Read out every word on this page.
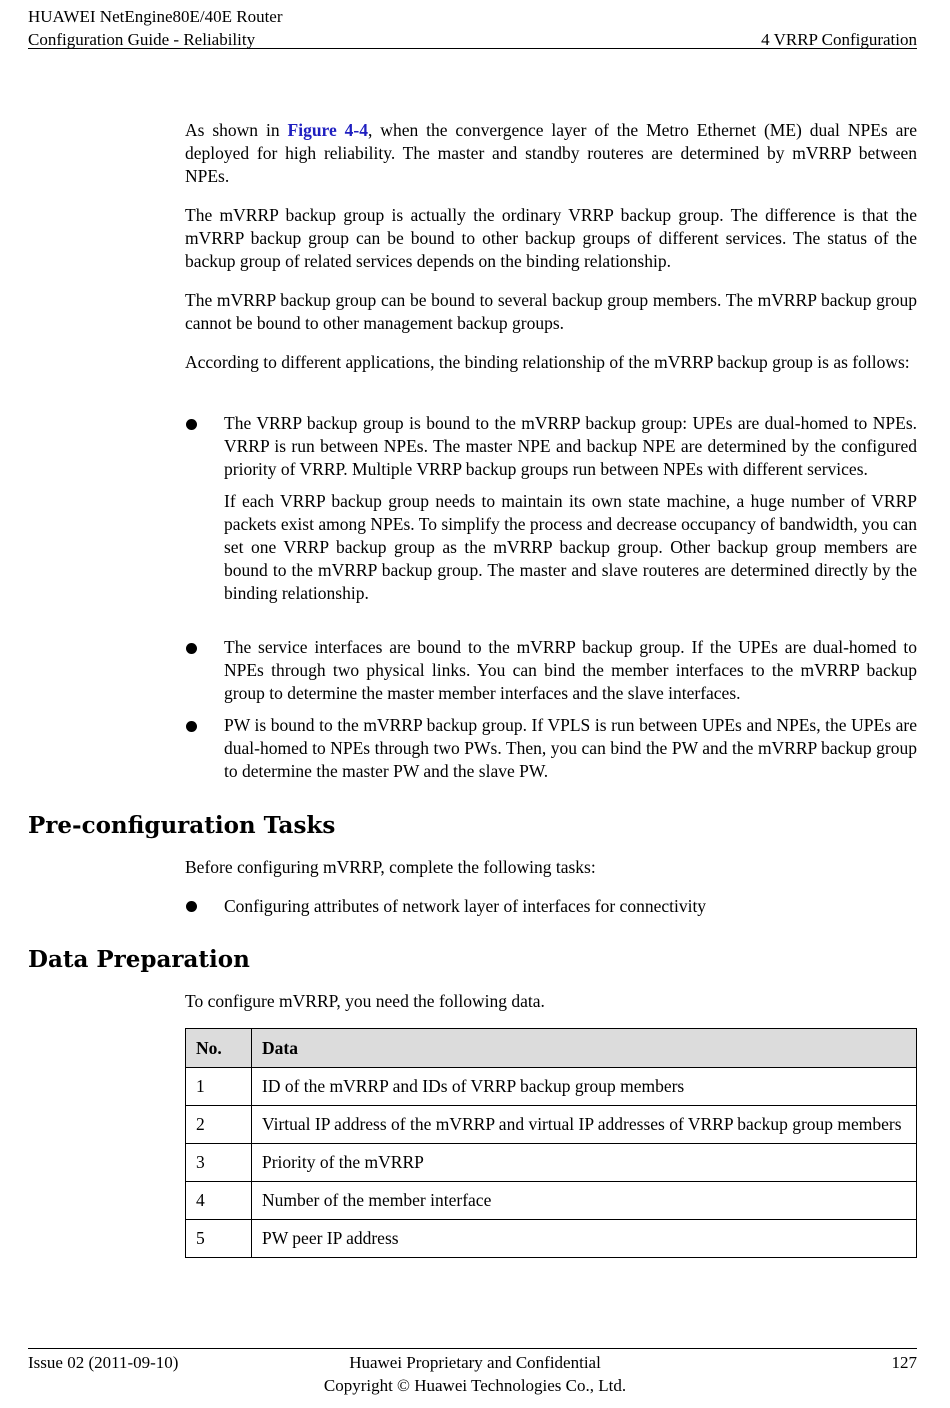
HUAWEI NetEngine80E/40E Router
Configuration Guide - Reliability	4 VRRP Configuration

As shown in Figure 4-4, when the convergence layer of the Metro Ethernet (ME) dual NPEs are deployed for high reliability. The master and standby routeres are determined by mVRRP between NPEs.

The mVRRP backup group is actually the ordinary VRRP backup group. The difference is that the mVRRP backup group can be bound to other backup groups of different services. The status of the backup group of related services depends on the binding relationship.

The mVRRP backup group can be bound to several backup group members. The mVRRP backup group cannot be bound to other management backup groups.

According to different applications, the binding relationship of the mVRRP backup group is as follows:

The VRRP backup group is bound to the mVRRP backup group: UPEs are dual-homed to NPEs. VRRP is run between NPEs. The master NPE and backup NPE are determined by the configured priority of VRRP. Multiple VRRP backup groups run between NPEs with different services.

If each VRRP backup group needs to maintain its own state machine, a huge number of VRRP packets exist among NPEs. To simplify the process and decrease occupancy of bandwidth, you can set one VRRP backup group as the mVRRP backup group. Other backup group members are bound to the mVRRP backup group. The master and slave routeres are determined directly by the binding relationship.

The service interfaces are bound to the mVRRP backup group. If the UPEs are dual-homed to NPEs through two physical links. You can bind the member interfaces to the mVRRP backup group to determine the master member interfaces and the slave interfaces.

PW is bound to the mVRRP backup group. If VPLS is run between UPEs and NPEs, the UPEs are dual-homed to NPEs through two PWs. Then, you can bind the PW and the mVRRP backup group to determine the master PW and the slave PW.

Pre-configuration Tasks

Before configuring mVRRP, complete the following tasks:

Configuring attributes of network layer of interfaces for connectivity

Data Preparation

To configure mVRRP, you need the following data.

No.	Data
1	ID of the mVRRP and IDs of VRRP backup group members
2	Virtual IP address of the mVRRP and virtual IP addresses of VRRP backup group members
3	Priority of the mVRRP
4	Number of the member interface
5	PW peer IP address
Issue 02 (2011-09-10)	Huawei Proprietary and Confidential
Copyright © Huawei Technologies Co., Ltd.
127
